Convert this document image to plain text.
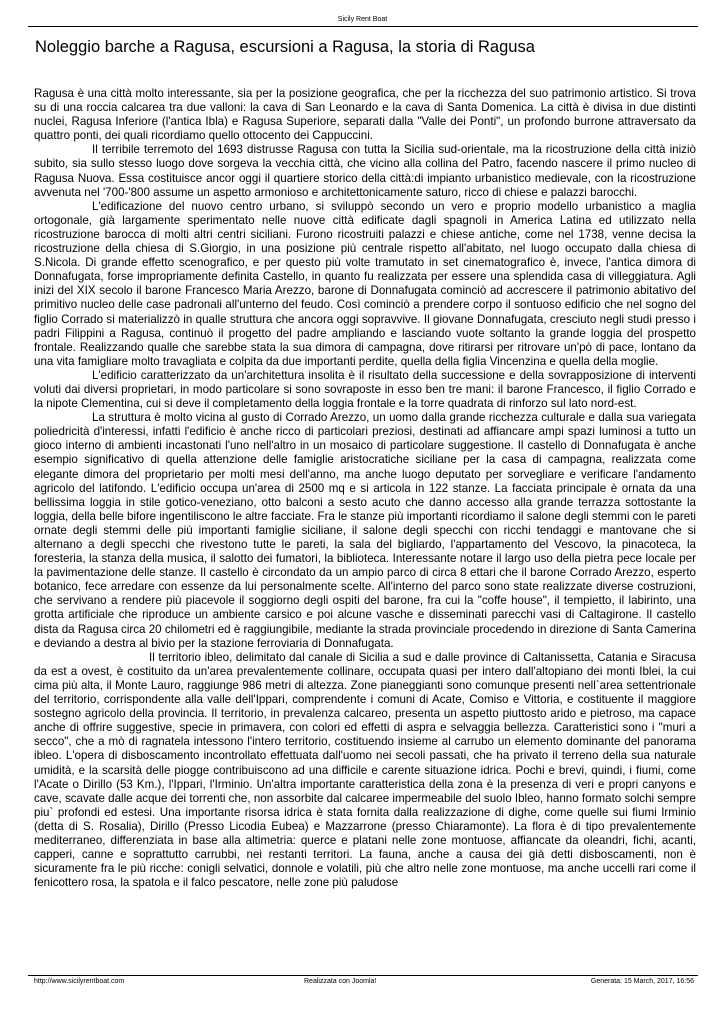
Sicily Rent Boat
Noleggio barche a Ragusa, escursioni a Ragusa, la storia di Ragusa

Ragusa è una città molto interessante, sia per la posizione geografica, che per la ricchezza del suo patrimonio artistico. Si trova su di una roccia calcarea tra due valloni: la cava di San Leonardo e la cava di Santa Domenica. La città è divisa in due distinti nuclei, Ragusa Inferiore (l'antica Ibla) e Ragusa Superiore, separati dalla "Valle dei Ponti", un profondo burrone attraversato da quattro ponti, dei quali ricordiamo quello ottocento dei Cappuccini.

Il terribile terremoto del 1693 distrusse Ragusa con tutta la Sicilia sud-orientale, ma la ricostruzione della città iniziò subito, sia sullo stesso luogo dove sorgeva la vecchia città, che vicino alla collina del Patro, facendo nascere il primo nucleo di Ragusa Nuova. Essa costituisce ancor oggi il quartiere storico della città:di impianto urbanistico medievale, con la ricostruzione avvenuta nel '700-'800 assume un aspetto armonioso e architettonicamente saturo, ricco di chiese e palazzi barocchi.

L'edificazione del nuovo centro urbano, si sviluppò secondo un vero e proprio modello urbanistico a maglia ortogonale, già largamente sperimentato nelle nuove città edificate dagli spagnoli in America Latina ed utilizzato nella ricostruzione barocca di molti altri centri siciliani. Furono ricostruiti palazzi e chiese antiche, come nel 1738, venne decisa la ricostruzione della chiesa di S.Giorgio, in una posizione più centrale rispetto all'abitato, nel luogo occupato dalla chiesa di S.Nicola. Di grande effetto scenografico, e per questo più volte tramutato in set cinematografico è, invece, l'antica dimora di Donnafugata, forse impropriamente definita Castello, in quanto fu realizzata per essere una splendida casa di villeggiatura. Agli inizi del XIX secolo il barone Francesco Maria Arezzo, barone di Donnafugata cominciò ad accrescere il patrimonio abitativo del primitivo nucleo delle case padronali all'unterno del feudo. Così cominciò a prendere corpo il sontuoso edificio che nel sogno del figlio Corrado si materializzò in qualle struttura che ancora oggi sopravvive. Il giovane Donnafugata, cresciuto negli studi presso i padri Filippini a Ragusa, continuò il progetto del padre ampliando e lasciando vuote soltanto la grande loggia del prospetto frontale. Realizzando qualle che sarebbe stata la sua dimora di campagna, dove ritirarsi per ritrovare un'pò di pace, lontano da una vita famigliare molto travagliata e colpita da due importanti perdite, quella della figlia Vincenzina e quella della moglie.

L'edificio caratterizzato da un'architettura insolita è il risultato della successione e della sovrapposizione di interventi voluti dai diversi proprietari, in modo particolare si sono sovraposte in esso ben tre mani: il barone Francesco, il figlio Corrado e la nipote Clementina, cui si deve il completamento della loggia frontale e la torre quadrata di rinforzo sul lato nord-est.

La struttura è molto vicina al gusto di Corrado Arezzo, un uomo dalla grande ricchezza culturale e dalla sua variegata poliedricità d'interessi, infatti l'edificio è anche ricco di particolari preziosi, destinati ad affiancare ampi spazi luminosi a tutto un gioco interno di ambienti incastonati l'uno nell'altro in un mosaico di particolare suggestione. Il castello di Donnafugata è anche esempio significativo di quella attenzione delle famiglie aristocratiche siciliane per la casa di campagna, realizzata come elegante dimora del proprietario per molti mesi dell'anno, ma anche luogo deputato per sorvegliare e verificare l'andamento agricolo del latifondo. L'edificio occupa un'area di 2500 mq e si articola in 122 stanze. La facciata principale è ornata da una bellissima loggia in stile gotico-veneziano, otto balconi a sesto acuto che danno accesso alla grande terrazza sottostante la loggia, della belle bifore ingentiliscono le altre facciate. Fra le stanze più importanti ricordiamo il salone degli stemmi con le pareti ornate degli stemmi delle più importanti famiglie siciliane, il salone degli specchi con ricchi tendaggi e mantovane che si alternano a degli specchi che rivestono tutte le pareti, la sala del bigliardo, l'appartamento del Vescovo, la pinacoteca, la foresteria, la stanza della musica, il salotto dei fumatori, la biblioteca. Interessante notare il largo uso della pietra pece locale per la pavimentazione delle stanze. Il castello è circondato da un ampio parco di circa 8 ettari che il barone Corrado Arezzo, esperto botanico, fece arredare con essenze da lui personalmente scelte. All'interno del parco sono state realizzate diverse costruzioni, che servivano a rendere più piacevole il soggiorno degli ospiti del barone, fra cui la "coffe house", il tempietto, il labirinto, una grotta artificiale che riproduce un ambiente carsico e poi alcune vasche e disseminati parecchi vasi di Caltagirone. Il castello dista da Ragusa circa 20 chilometri ed è raggiungibile, mediante la strada provinciale procedendo in direzione di Santa Camerina e deviando a destra al bivio per la stazione ferroviaria di Donnafugata.

Il territorio ibleo, delimitato dal canale di Sicilia a sud e dalle province di Caltanissetta, Catania e Siracusa da est a ovest, è costituito da un'area prevalentemente collinare, occupata quasi per intero dall'altopiano dei monti Iblei, la cui cima più alta, il Monte Lauro, raggiunge 986 metri di altezza. Zone pianeggianti sono comunque presenti nell`area settentrionale del territorio, corrispondente alla valle dell'Ippari, comprendente i comuni di Acate, Comiso e Vittoria, e costituente il maggiore sostegno agricolo della provincia. Il territorio, in prevalenza calcareo, presenta un aspetto piuttosto arido e pietroso, ma capace anche di offrire suggestive, specie in primavera, con colori ed effetti di aspra e selvaggia bellezza. Caratteristici sono i "muri a secco", che a mò di ragnatela intessono l'intero territorio, costituendo insieme al carrubo un elemento dominante del panorama ibleo. L'opera di disboscamento incontrollato effettuata dall'uomo nei secoli passati, che ha privato il terreno della sua naturale umidità, e la scarsità delle piogge contribuiscono ad una difficile e carente situazione idrica. Pochi e brevi, quindi, i fiumi, come l'Acate o Dirillo (53 Km.), l'Ippari, l'Irminio. Un'altra importante caratteristica della zona è la presenza di veri e propri canyons e cave, scavate dalle acque dei torrenti che, non assorbite dal calcaree impermeabile del suolo Ibleo, hanno formato solchi sempre piu` profondi ed estesi. Una importante risorsa idrica è stata fornita dalla realizzazione di dighe, come quelle sui fiumi Irminio (detta di S. Rosalia), Dirillo (Presso Licodia Eubea) e Mazzarrone (presso Chiaramonte). La flora è di tipo prevalentemente mediterraneo, differenziata in base alla altimetria: querce e platani nelle zone montuose, affiancate da oleandri, fichi, acanti, capperi, canne e soprattutto carrubbi, nei restanti territori. La fauna, anche a causa dei già detti disboscamenti, non è sicuramente fra le più ricche: conigli selvatici, donnole e volatili, più che altro nelle zone montuose, ma anche uccelli rari come il fenicottero rosa, la spatola e il falco pescatore, nelle zone più paludose

http://www.sicilyrentboat.com	Realizzata con Joomla!	Generata: 15 March, 2017, 16:56
